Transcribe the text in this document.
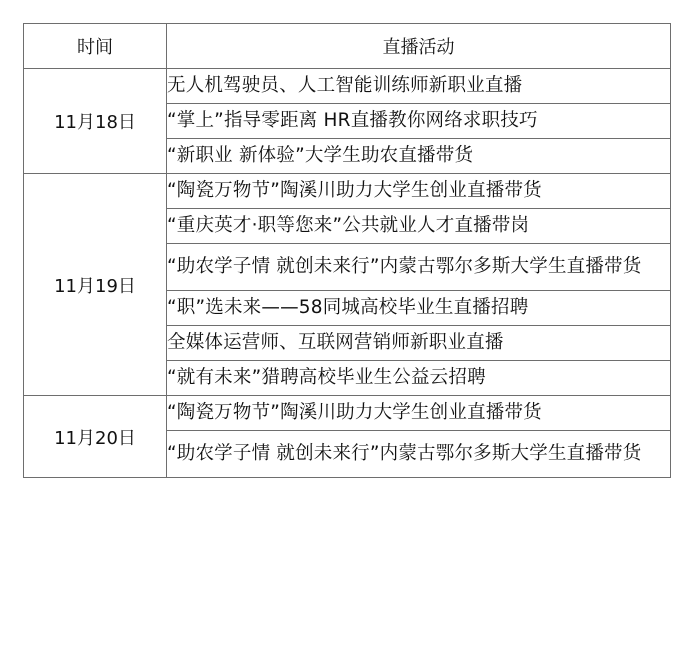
时间	直播活动
11月18日	无人机驾驶员、人工智能训练师新职业直播
	“掌上”指导零距离 HR直播教你网络求职技巧
	“新职业 新体验”大学生助农直播带货
11月19日	“陶瓷万物节”陶溪川助力大学生创业直播带货
	“重庆英才·职等您来”公共就业人才直播带岗
	“助农学子情 就创未来行”内蒙古鄂尔多斯大学生直播带货
	“职”选未来——58同城高校毕业生直播招聘
	全媒体运营师、互联网营销师新职业直播
	“就有未来”猎聘高校毕业生公益云招聘
11月20日	“陶瓷万物节”陶溪川助力大学生创业直播带货
	“助农学子情 就创未来行”内蒙古鄂尔多斯大学生直播带货
